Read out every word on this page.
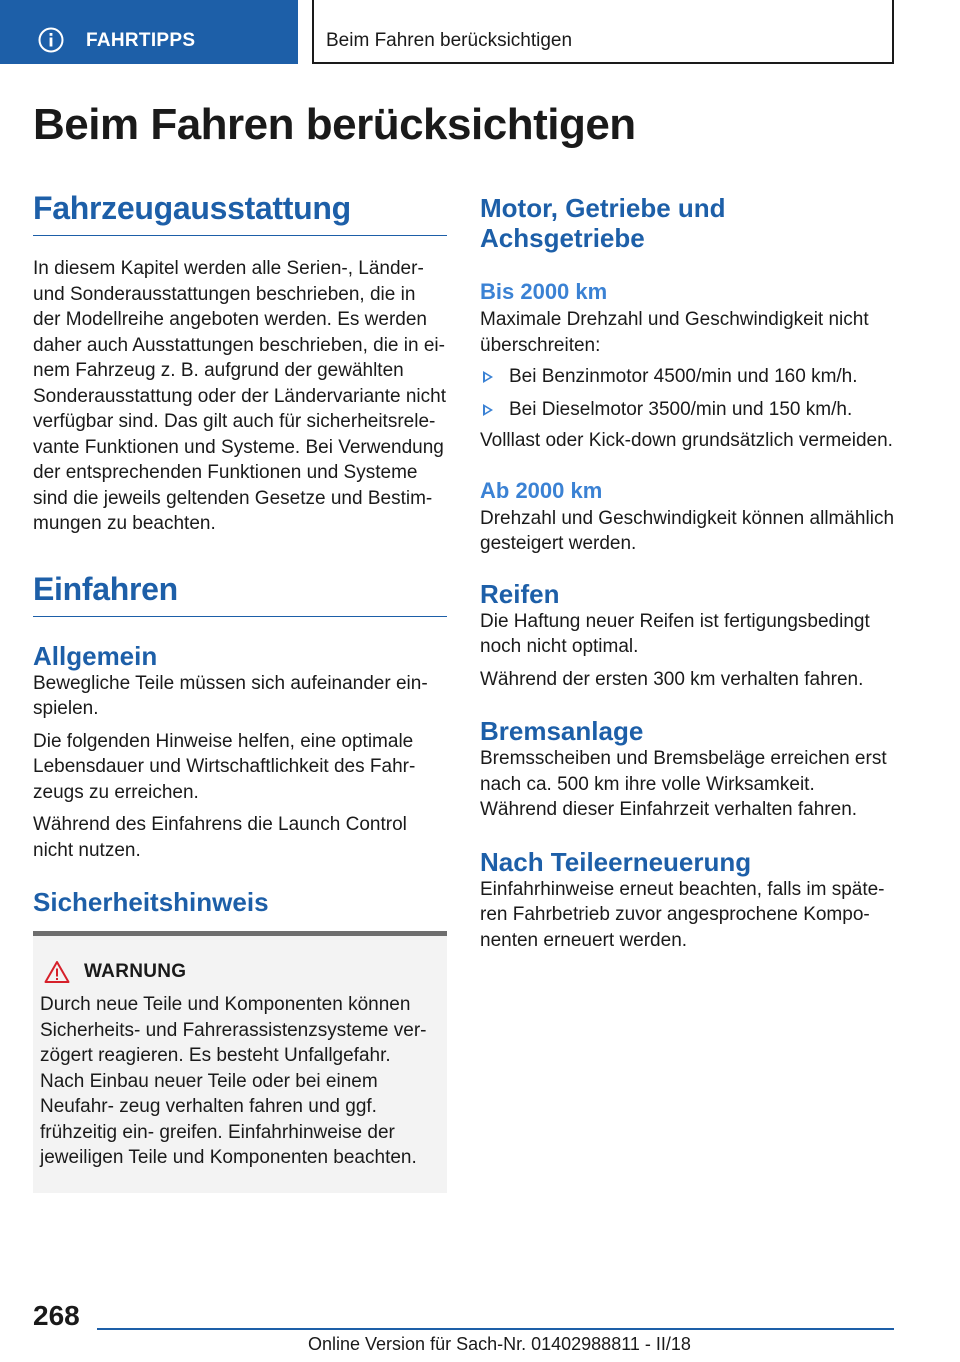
FAHRTIPPS	Beim Fahren berücksichtigen
Beim Fahren berücksichtigen
Fahrzeugausstattung

In diesem Kapitel werden alle Serien-, Länder- und Sonderausstattungen beschrieben, die in der Modellreihe angeboten werden. Es werden daher auch Ausstattungen beschrieben, die in ei- nem Fahrzeug z. B. aufgrund der gewählten Sonderausstattung oder der Ländervariante nicht verfügbar sind. Das gilt auch für sicherheitsrele- vante Funktionen und Systeme. Bei Verwendung der entsprechenden Funktionen und Systeme sind die jeweils geltenden Gesetze und Bestim- mungen zu beachten.

Einfahren
Allgemein

Bewegliche Teile müssen sich aufeinander ein- spielen.

Die folgenden Hinweise helfen, eine optimale Lebensdauer und Wirtschaftlichkeit des Fahr- zeugs zu erreichen.

Während des Einfahrens die Launch Control nicht nutzen.

Sicherheitshinweis
WARNUNG

Durch neue Teile und Komponenten können Sicherheits- und Fahrerassistenzsysteme ver- zögert reagieren. Es besteht Unfallgefahr. Nach Einbau neuer Teile oder bei einem Neufahr- zeug verhalten fahren und ggf. frühzeitig ein- greifen. Einfahrhinweise der jeweiligen Teile und Komponenten beachten.

Motor, Getriebe und Achsgetriebe
Bis 2000 km

Maximale Drehzahl und Geschwindigkeit nicht überschreiten:

Bei Benzinmotor 4500/min und 160 km/h.
Bei Dieselmotor 3500/min und 150 km/h.

Volllast oder Kick-down grundsätzlich vermeiden.

Ab 2000 km

Drehzahl und Geschwindigkeit können allmählich gesteigert werden.

Reifen

Die Haftung neuer Reifen ist fertigungsbedingt noch nicht optimal.

Während der ersten 300 km verhalten fahren.

Bremsanlage

Bremsscheiben und Bremsbeläge erreichen erst nach ca. 500 km ihre volle Wirksamkeit. Während dieser Einfahrzeit verhalten fahren.

Nach Teileerneuerung

Einfahrhinweise erneut beachten, falls im späte- ren Fahrbetrieb zuvor angesprochene Kompo- nenten erneuert werden.

268
Online Version für Sach-Nr. 01402988811 - II/18
